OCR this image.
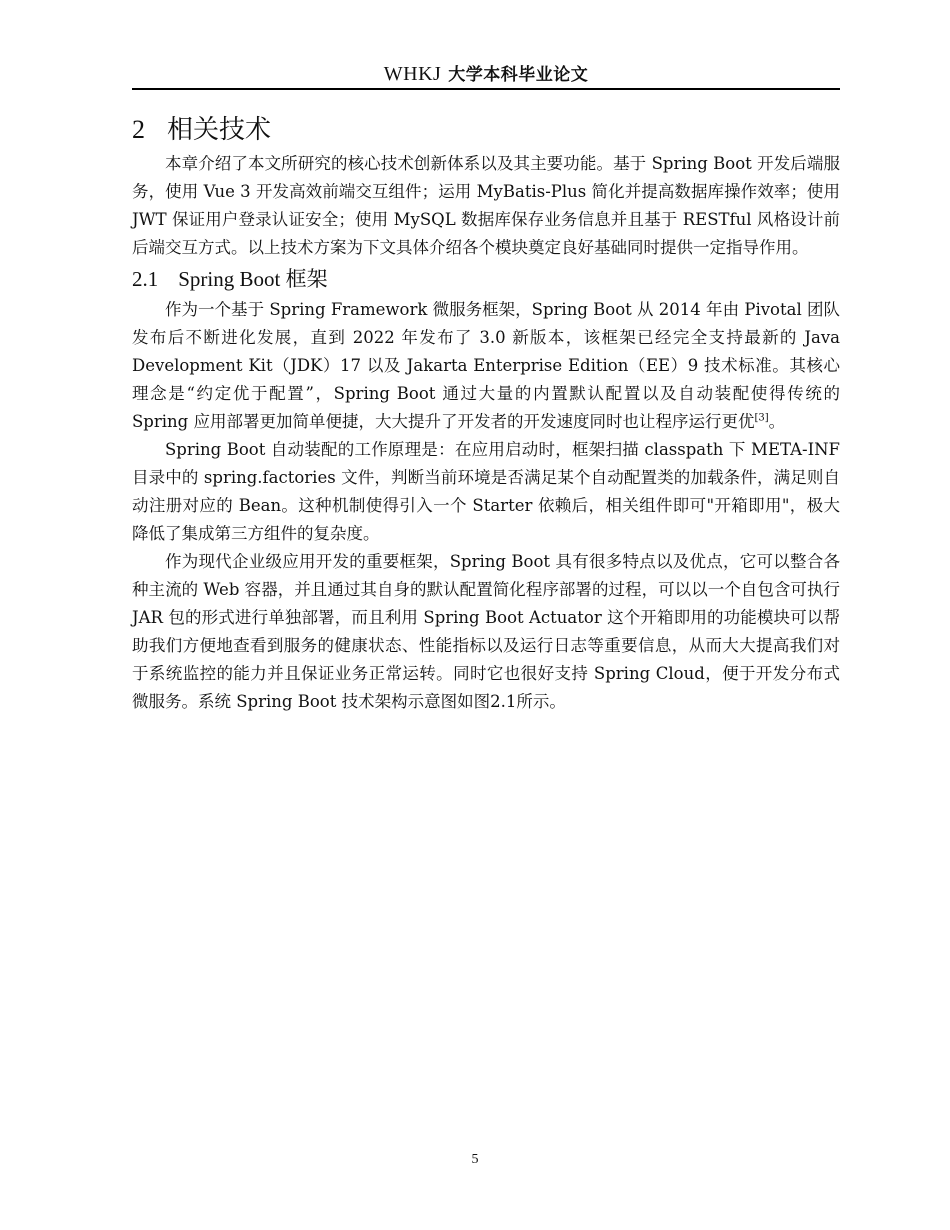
WHKJ 大学本科毕业论文
2 相关技术

本章介绍了本文所研究的核心技术创新体系以及其主要功能。基于 Spring Boot 开发后端服务，使用 Vue 3 开发高效前端交互组件；运用 MyBatis-Plus 简化并提高数据库操作效率；使用 JWT 保证用户登录认证安全；使用 MySQL 数据库保存业务信息并且基于 RESTful 风格设计前后端交互方式。以上技术方案为下文具体介绍各个模块奠定良好基础同时提供一定指导作用。

2.1 Spring Boot 框架

作为一个基于 Spring Framework 微服务框架，Spring Boot 从 2014 年由 Pivotal 团队发布后不断进化发展，直到 2022 年发布了 3.0 新版本，该框架已经完全支持最新的 Java Development Kit（JDK）17 以及 Jakarta Enterprise Edition（EE）9 技术标准。其核心理念是“约定优于配置”，Spring Boot 通过大量的内置默认配置以及自动装配使得传统的 Spring 应用部署更加简单便捷，大大提升了开发者的开发速度同时也让程序运行更优[3]。

Spring Boot 自动装配的工作原理是：在应用启动时，框架扫描 classpath 下 META-INF 目录中的 spring.factories 文件，判断当前环境是否满足某个自动配置类的加载条件，满足则自动注册对应的 Bean。这种机制使得引入一个 Starter 依赖后，相关组件即可"开箱即用"，极大降低了集成第三方组件的复杂度。

作为现代企业级应用开发的重要框架，Spring Boot 具有很多特点以及优点，它可以整合各种主流的 Web 容器，并且通过其自身的默认配置简化程序部署的过程，可以以一个自包含可执行 JAR 包的形式进行单独部署，而且利用 Spring Boot Actuator 这个开箱即用的功能模块可以帮助我们方便地查看到服务的健康状态、性能指标以及运行日志等重要信息，从而大大提高我们对于系统监控的能力并且保证业务正常运转。同时它也很好支持 Spring Cloud，便于开发分布式微服务。系统 Spring Boot 技术架构示意图如图2.1所示。

5
